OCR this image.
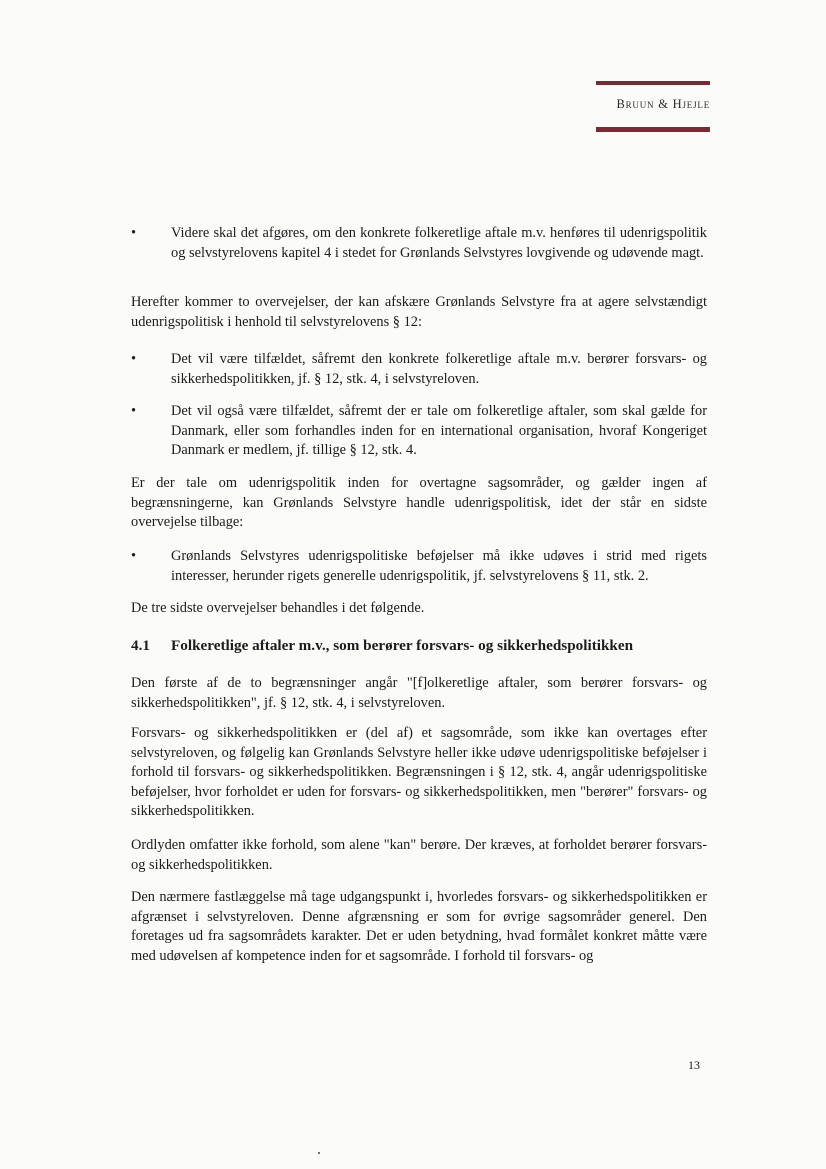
Bruun & Hjejle
•	Videre skal det afgøres, om den konkrete folkeretlige aftale m.v. henføres til udenrigspolitik og selvstyrelovens kapitel 4 i stedet for Grønlands Selvstyres lovgivende og udøvende magt.
Herefter kommer to overvejelser, der kan afskære Grønlands Selvstyre fra at agere selvstændigt udenrigspolitisk i henhold til selvstyrelovens § 12:
•	Det vil være tilfældet, såfremt den konkrete folkeretlige aftale m.v. berører forsvars- og sikkerhedspolitikken, jf. § 12, stk. 4, i selvstyreloven.
•	Det vil også være tilfældet, såfremt der er tale om folkeretlige aftaler, som skal gælde for Danmark, eller som forhandles inden for en international organisation, hvoraf Kongeriget Danmark er medlem, jf. tillige § 12, stk. 4.
Er der tale om udenrigspolitik inden for overtagne sagsområder, og gælder ingen af begrænsningerne, kan Grønlands Selvstyre handle udenrigspolitisk, idet der står en sidste overvejelse tilbage:
•	Grønlands Selvstyres udenrigspolitiske beføjelser må ikke udøves i strid med rigets interesser, herunder rigets generelle udenrigspolitik, jf. selvstyrelovens § 11, stk. 2.
De tre sidste overvejelser behandles i det følgende.
4.1 Folkeretlige aftaler m.v., som berører forsvars- og sikkerhedspolitikken
Den første af de to begrænsninger angår "[f]olkeretlige aftaler, som berører forsvars- og sikkerhedspolitikken", jf. § 12, stk. 4, i selvstyreloven.
Forsvars- og sikkerhedspolitikken er (del af) et sagsområde, som ikke kan overtages efter selvstyreloven, og følgelig kan Grønlands Selvstyre heller ikke udøve udenrigspolitiske beføjelser i forhold til forsvars- og sikkerhedspolitikken. Begrænsningen i § 12, stk. 4, angår udenrigspolitiske beføjelser, hvor forholdet er uden for forsvars- og sikkerhedspolitikken, men "berører" forsvars- og sikkerhedspolitikken.
Ordlyden omfatter ikke forhold, som alene "kan" berøre. Der kræves, at forholdet berører forsvars- og sikkerhedspolitikken.
Den nærmere fastlæggelse må tage udgangspunkt i, hvorledes forsvars- og sikkerhedspolitikken er afgrænset i selvstyreloven. Denne afgrænsning er som for øvrige sagsområder generel. Den foretages ud fra sagsområdets karakter. Det er uden betydning, hvad formålet konkret måtte være med udøvelsen af kompetence inden for et sagsområde. I forhold til forsvars- og
13
